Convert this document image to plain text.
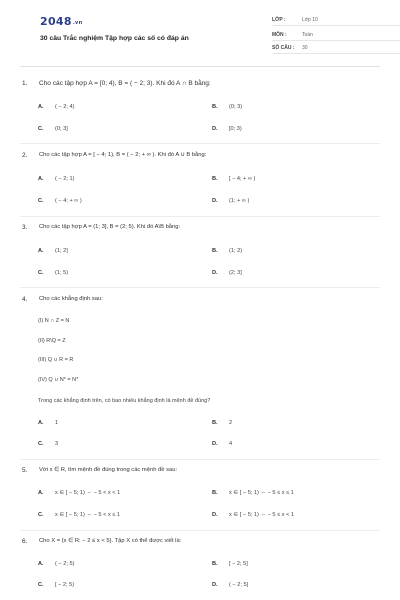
2048.vn
30 câu Trắc nghiệm Tập hợp các số có đáp án
LỚP :	Lớp 10
MÔN :	Toán
SỐ CÂU : 30
1. Cho các tập hợp A = [0; 4), B = ( − 2; 3). Khi đó A ∩ B bằng:
A. ( − 2; 4)	B. (0; 3)
C. (0; 3]	D. [0; 3)
2. Cho các tập hợp A = [ − 4; 1), B = ( − 2; + ∞ ). Khi đó A ∪ B bằng:
A. ( − 2; 1)	B. [ − 4; + ∞ )
C. ( − 4; + ∞ )	D. (1; + ∞ )
3. Cho các tập hợp A = (1; 3], B = (2; 5). Khi đó A\B bằng:
A. (1; 2]	B. (1; 2)
C. (1; 5)	D. (2; 3]
4. Cho các khẳng định sau:
(I) N ∩ Z = N
(II) R\Q = Z
(III) Q ∪ R = R
(IV) Q ∪ N* = N*
Trong các khẳng định trên, có bao nhiêu khẳng định là mệnh đề đúng?
A. 1	B. 2
C. 3	D. 4
5. Với x ∈ R, tìm mệnh đề đúng trong các mệnh đề sau:
A. x ∈ [ − 5; 1) ⇔ − 5 < x < 1	B. x ∈ [ − 5; 1) ⇔ − 5 ≤ x ≤ 1
C. x ∈ [ − 5; 1) ⇔ − 5 < x ≤ 1	D. x ∈ [ − 5; 1) ⇔ − 5 ≤ x < 1
6. Cho X = {x ∈ R: − 2 ≤ x < 5}. Tập X có thể được viết là:
A. ( − 2; 5)	B. [ − 2; 5]
C. [ − 2; 5)	D. ( − 2; 5]
